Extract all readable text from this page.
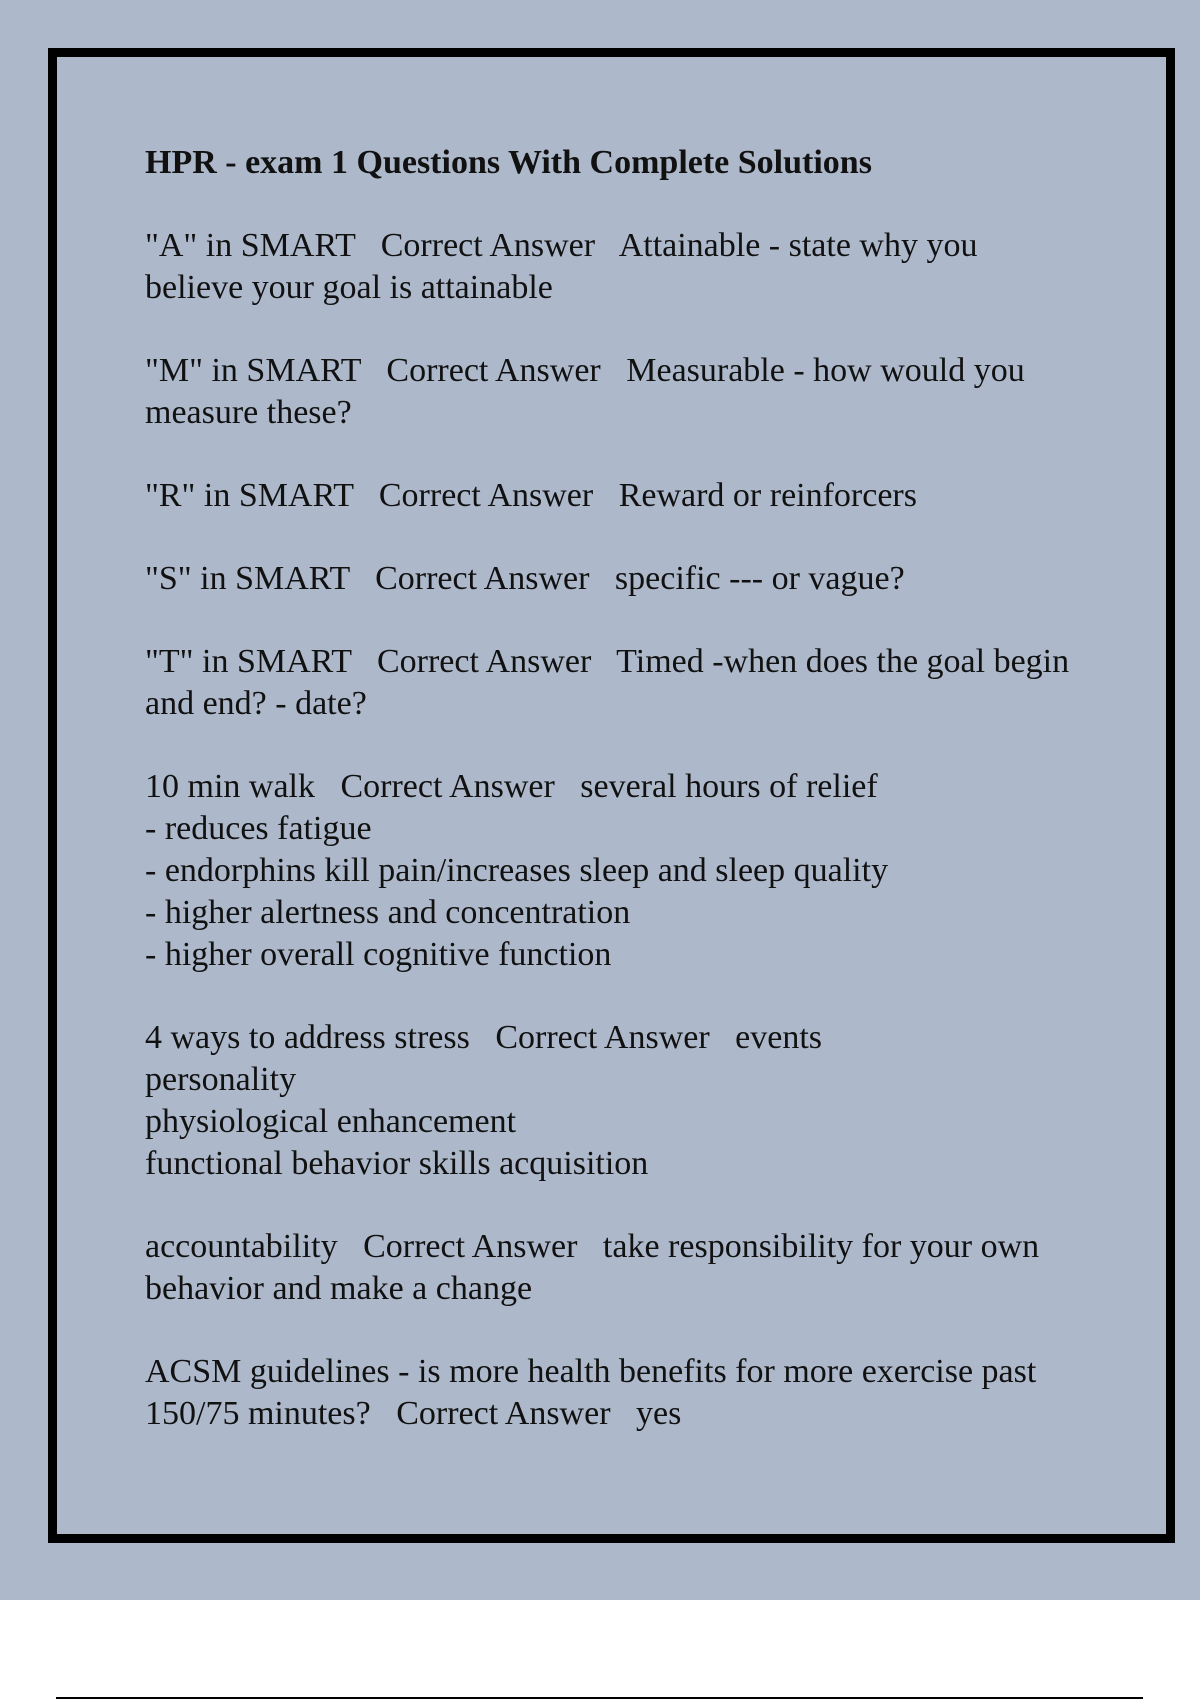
HPR - exam 1 Questions With Complete Solutions
"A" in SMART   Correct Answer   Attainable - state why you believe your goal is attainable
"M" in SMART   Correct Answer   Measurable - how would you measure these?
"R" in SMART   Correct Answer   Reward or reinforcers
"S" in SMART   Correct Answer   specific --- or vague?
"T" in SMART   Correct Answer   Timed -when does the goal begin and end? - date?
10 min walk   Correct Answer   several hours of relief
- reduces fatigue
- endorphins kill pain/increases sleep and sleep quality
- higher alertness and concentration
- higher overall cognitive function
4 ways to address stress   Correct Answer   events
personality
physiological enhancement
functional behavior skills acquisition
accountability   Correct Answer   take responsibility for your own behavior and make a change
ACSM guidelines - is more health benefits for more exercise past 150/75 minutes?   Correct Answer   yes
